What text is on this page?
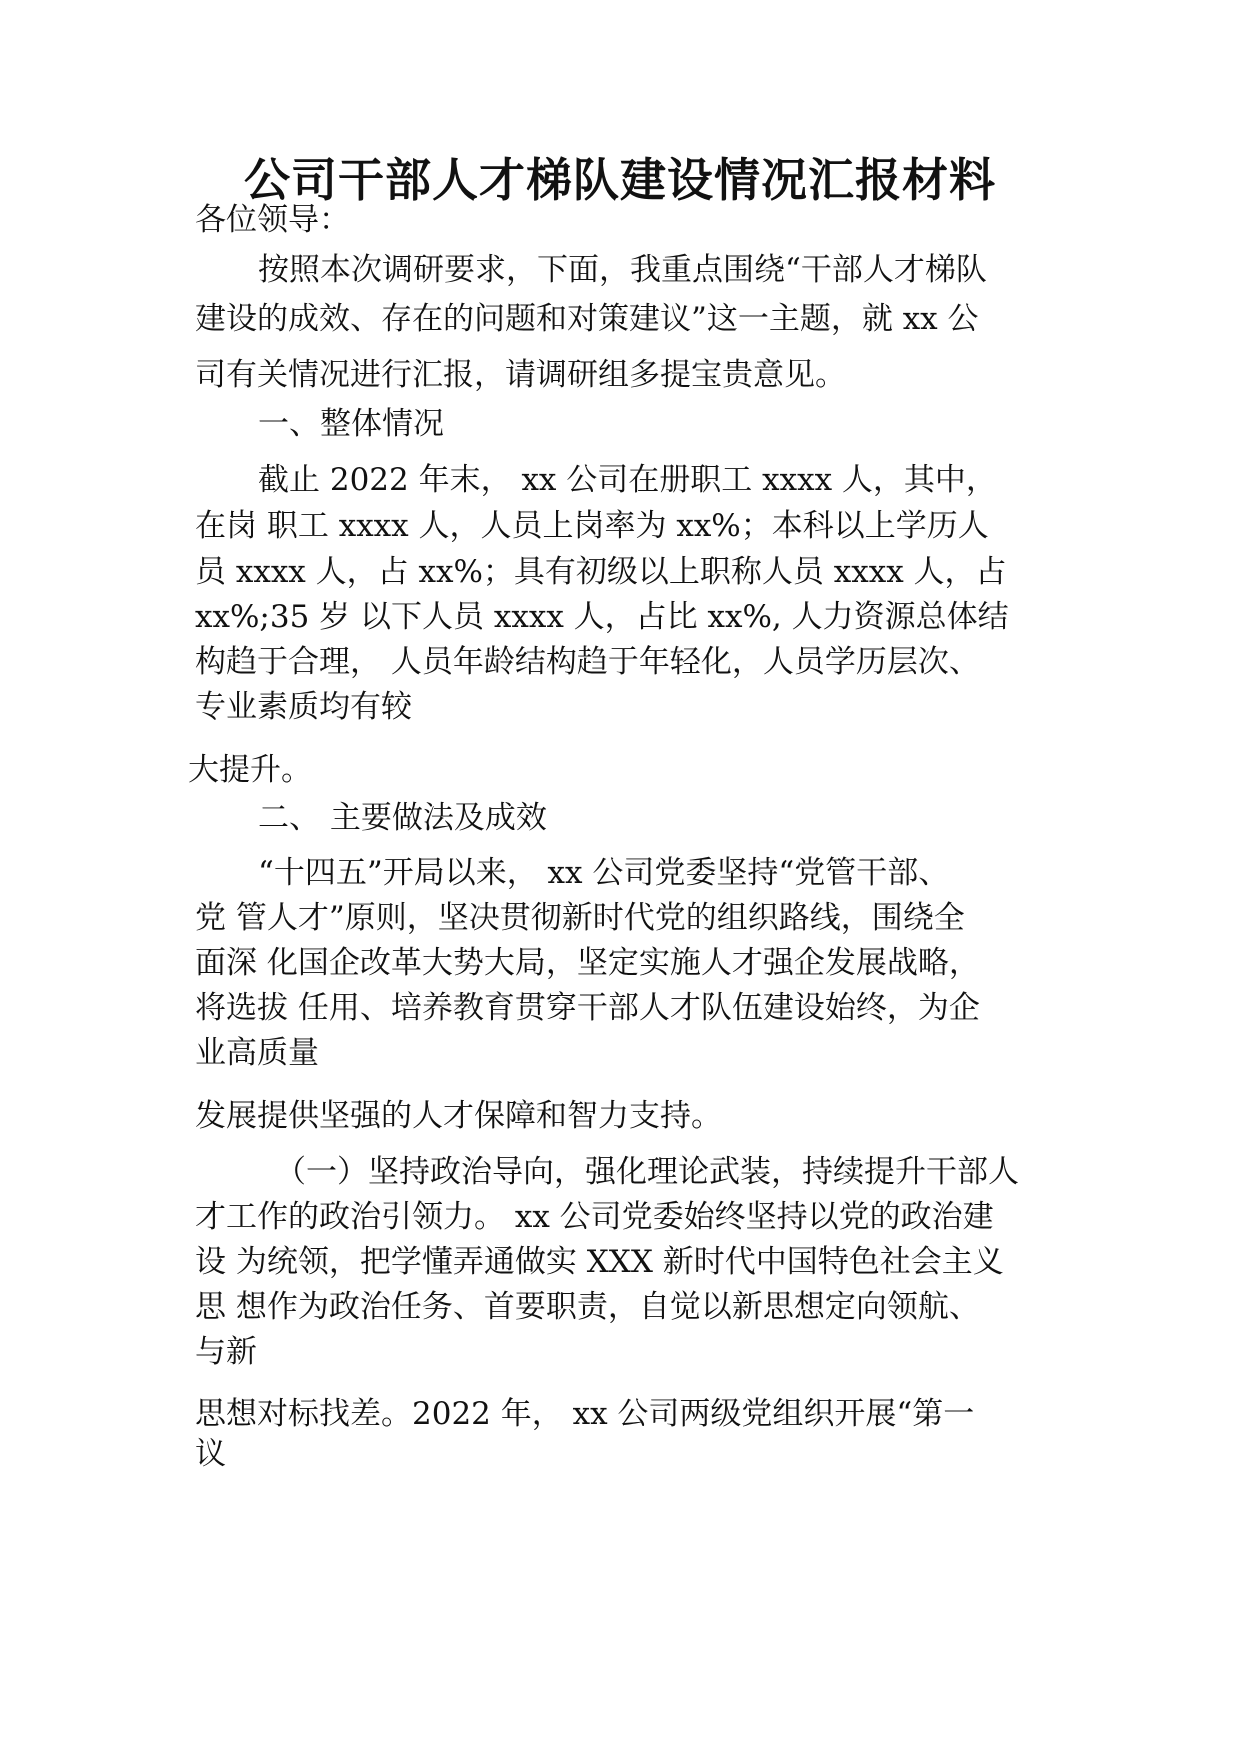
公司干部人才梯队建设情况汇报材料

各位领导：

按照本次调研要求，下面，我重点围绕“干部人才梯队

建设的成效、存在的问题和对策建议”这一主题，就 xx 公

司有关情况进行汇报，请调研组多提宝贵意见。

一、整体情况

截止 2022 年末， xx 公司在册职工 xxxx 人，其中，

在岗 职工 xxxx 人，人员上岗率为 xx%；本科以上学历人

员 xxxx 人，占 xx%；具有初级以上职称人员 xxxx 人，占

xx%;35 岁 以下人员 xxxx 人，占比 xx%, 人力资源总体结

构趋于合理， 人员年龄结构趋于年轻化，人员学历层次、

专业素质均有较

大提升。

二、 主要做法及成效

“十四五”开局以来， xx 公司党委坚持“党管干部、

党 管人才”原则，坚决贯彻新时代党的组织路线，围绕全

面深 化国企改革大势大局，坚定实施人才强企发展战略，

将选拔 任用、培养教育贯穿干部人才队伍建设始终，为企

业高质量

发展提供坚强的人才保障和智力支持。

（一）坚持政治导向，强化理论武装，持续提升干部人

才工作的政治引领力。 xx 公司党委始终坚持以党的政治建

设 为统领，把学懂弄通做实 XXX 新时代中国特色社会主义

思 想作为政治任务、首要职责，自觉以新思想定向领航、

与新

思想对标找差。2022 年， xx 公司两级党组织开展“第一

议
